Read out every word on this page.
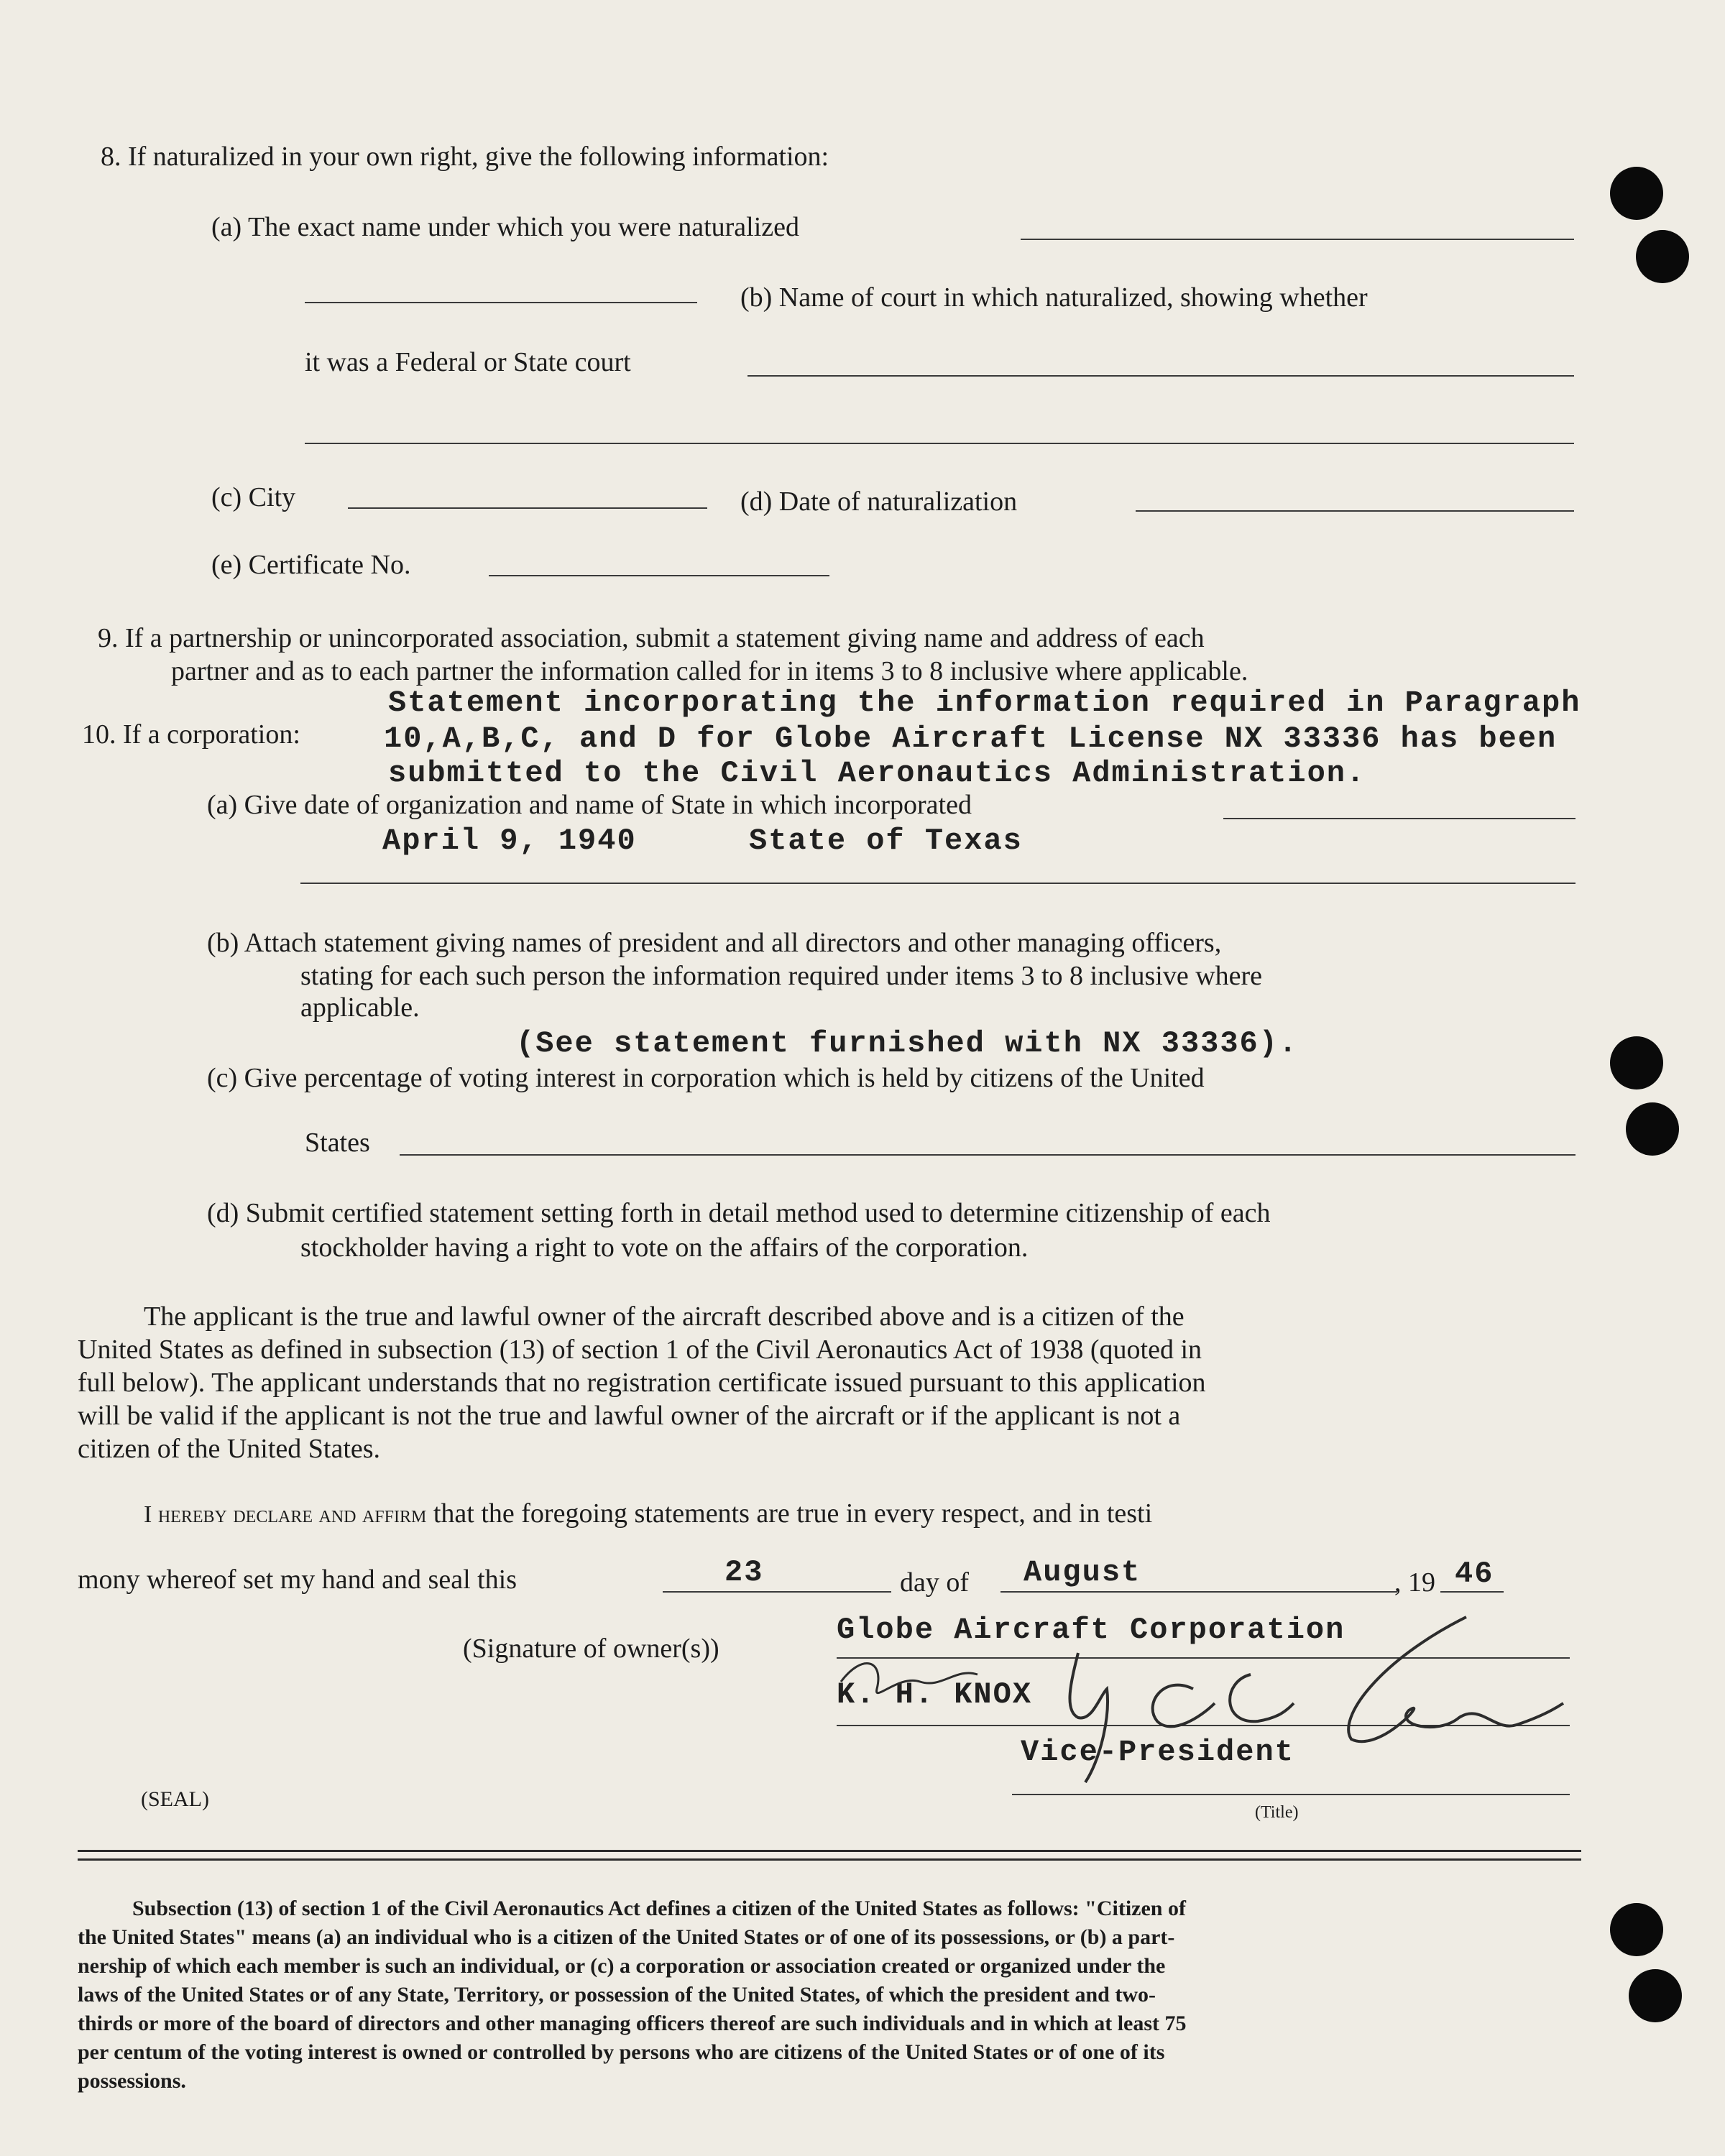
8. If naturalized in your own right, give the following information:
(a) The exact name under which you were naturalized
(b) Name of court in which naturalized, showing whether
it was a Federal or State court
(c) City	(d) Date of naturalization
(e) Certificate No.
9. If a partnership or unincorporated association, submit a statement giving name and address of each
partner and as to each partner the information called for in items 3 to 8 inclusive where applicable.
10. If a corporation:
Statement incorporating the information required in Paragraph
10,A,B,C, and D for Globe Aircraft License NX 33336 has been
submitted to the Civil Aeronautics Administration.
(a) Give date of organization and name of State in which incorporated
April 9, 1940	State of Texas
(b) Attach statement giving names of president and all directors and other managing officers,
stating for each such person the information required under items 3 to 8 inclusive where
applicable.
(See statement furnished with NX 33336).
(c) Give percentage of voting interest in corporation which is held by citizens of the United
States
(d) Submit certified statement setting forth in detail method used to determine citizenship of each
stockholder having a right to vote on the affairs of the corporation.
The applicant is the true and lawful owner of the aircraft described above and is a citizen of the
United States as defined in subsection (13) of section 1 of the Civil Aeronautics Act of 1938 (quoted in
full below). The applicant understands that no registration certificate issued pursuant to this application
will be valid if the applicant is not the true and lawful owner of the aircraft or if the applicant is not a
citizen of the United States.
I hereby declare and affirm that the foregoing statements are true in every respect, and in testi
mony whereof set my hand and seal this	23	day of August	, 19 46
(Signature of owner(s))
Globe Aircraft Corporation
K. H. KNOX
Vice-President
(Title)
(SEAL)
Subsection (13) of section 1 of the Civil Aeronautics Act defines a citizen of the United States as follows: "Citizen of
the United States" means (a) an individual who is a citizen of the United States or of one of its possessions, or (b) a part-
nership of which each member is such an individual, or (c) a corporation or association created or organized under the
laws of the United States or of any State, Territory, or possession of the United States, of which the president and two-
thirds or more of the board of directors and other managing officers thereof are such individuals and in which at least 75
per centum of the voting interest is owned or controlled by persons who are citizens of the United States or of one of its
possessions.
